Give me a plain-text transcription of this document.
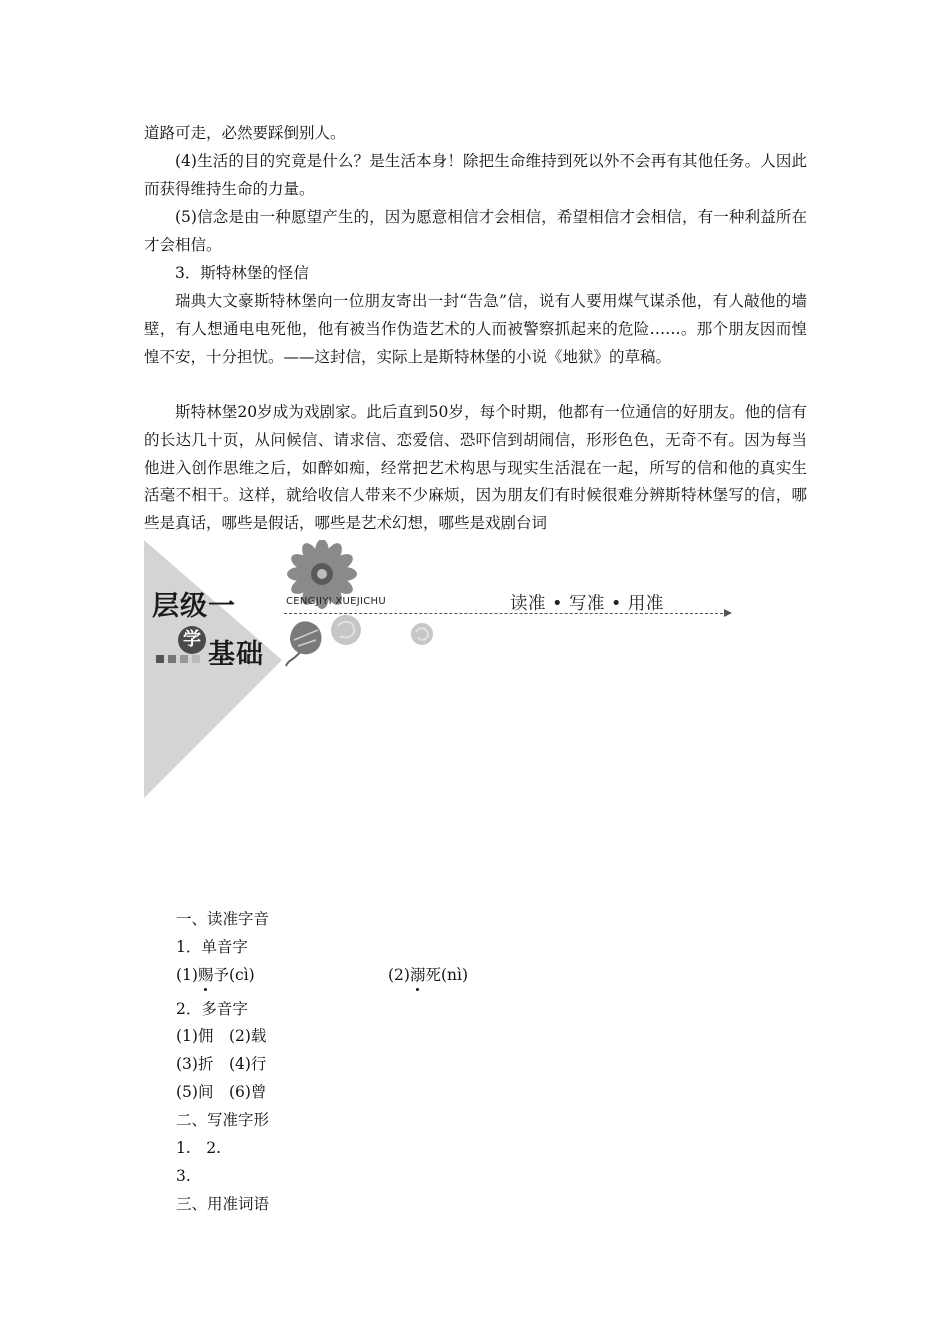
道路可走，必然要踩倒别人。

(4)生活的目的究竟是什么？是生活本身！除把生命维持到死以外不会再有其他任务。人因此而获得维持生命的力量。

(5)信念是由一种愿望产生的，因为愿意相信才会相信，希望相信才会相信，有一种利益所在才会相信。

3．斯特林堡的怪信

瑞典大文豪斯特林堡向一位朋友寄出一封“告急”信，说有人要用煤气谋杀他，有人敲他的墙壁，有人想通电电死他，他有被当作伪造艺术的人而被警察抓起来的危险……。那个朋友因而惶惶不安，十分担忧。——这封信，实际上是斯特林堡的小说《地狱》的草稿。

斯特林堡20岁成为戏剧家。此后直到50岁，每个时期，他都有一位通信的好朋友。他的信有的长达几十页，从问候信、请求信、恋爱信、恐吓信到胡闹信，形形色色，无奇不有。因为每当他进入创作思维之后，如醉如痴，经常把艺术构思与现实生活混在一起，所写的信和他的真实生活毫不相干。这样，就给收信人带来不少麻烦，因为朋友们有时候很难分辨斯特林堡写的信，哪些是真话，哪些是假话，哪些是艺术幻想，哪些是戏剧台词

层级一
学 基础
CENGJIYI XUEJICHU	读准 • 写准 • 用准
一、读准字音
1．单音字
(1)赐予(cì)	(2)溺死(nì)
2．多音字
(1)佣　(2)载
(3)折　(4)行
(5)间　(6)曾
二、写准字形
1.　2.
3.
三、用准词语
